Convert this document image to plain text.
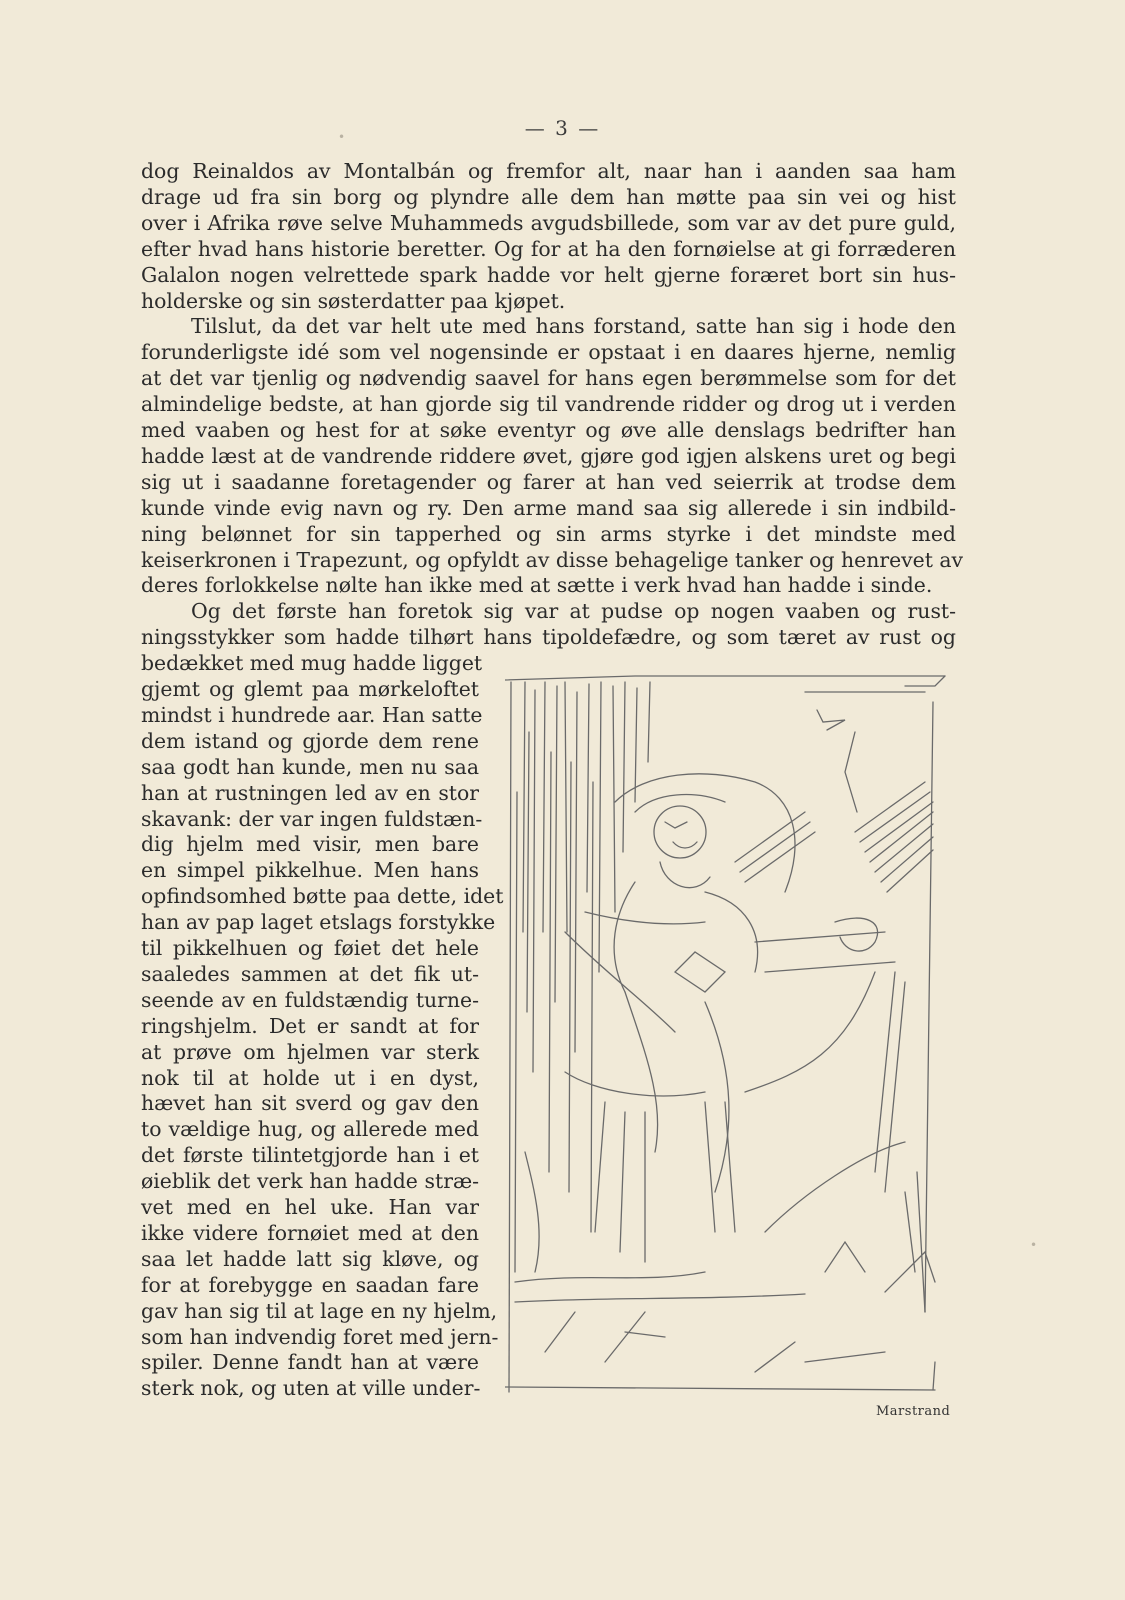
— 3 —
•
•
dog Reinaldos av Montalbán og fremfor alt, naar han i aanden saa ham
drage ud fra sin borg og plyndre alle dem han møtte paa sin vei og hist
over i Afrika røve selve Muhammeds avgudsbillede, som var av det pure guld,
efter hvad hans historie beretter. Og for at ha den fornøielse at gi forræderen
Galalon nogen velrettede spark hadde vor helt gjerne foræret bort sin hus-
holderske og sin søsterdatter paa kjøpet.
Tilslut, da det var helt ute med hans forstand, satte han sig i hode den
forunderligste idé som vel nogensinde er opstaat i en daares hjerne, nemlig
at det var tjenlig og nødvendig saavel for hans egen berømmelse som for det
almindelige bedste, at han gjorde sig til vandrende ridder og drog ut i verden
med vaaben og hest for at søke eventyr og øve alle denslags bedrifter han
hadde læst at de vandrende riddere øvet, gjøre god igjen alskens uret og begi
sig ut i saadanne foretagender og farer at han ved seierrik at trodse dem
kunde vinde evig navn og ry. Den arme mand saa sig allerede i sin indbild-
ning belønnet for sin tapperhed og sin arms styrke i det mindste med
keiserkronen i Trapezunt, og opfyldt av disse behagelige tanker og henrevet av
deres forlokkelse nølte han ikke med at sætte i verk hvad han hadde i sinde.
Og det første han foretok sig var at pudse op nogen vaaben og rust-
ningsstykker som hadde tilhørt hans tipoldefædre, og som tæret av rust og
bedækket med mug hadde ligget
gjemt og glemt paa mørkeloftet
mindst i hundrede aar. Han satte
dem istand og gjorde dem rene
saa godt han kunde, men nu saa
han at rustningen led av en stor
skavank: der var ingen fuldstæn-
dig hjelm med visir, men bare
en simpel pikkelhue. Men hans
opfindsomhed bøtte paa dette, idet
han av pap laget etslags forstykke
til pikkelhuen og føiet det hele
saaledes sammen at det fik ut-
seende av en fuldstændig turne-
ringshjelm. Det er sandt at for
at prøve om hjelmen var sterk
nok til at holde ut i en dyst,
hævet han sit sverd og gav den
to vældige hug, og allerede med
det første tilintetgjorde han i et
øieblik det verk han hadde stræ-
vet med en hel uke. Han var
ikke videre fornøiet med at den
saa let hadde latt sig kløve, og
for at forebygge en saadan fare
gav han sig til at lage en ny hjelm,
som han indvendig foret med jern-
spiler. Denne fandt han at være
sterk nok, og uten at ville under-
Marstrand
